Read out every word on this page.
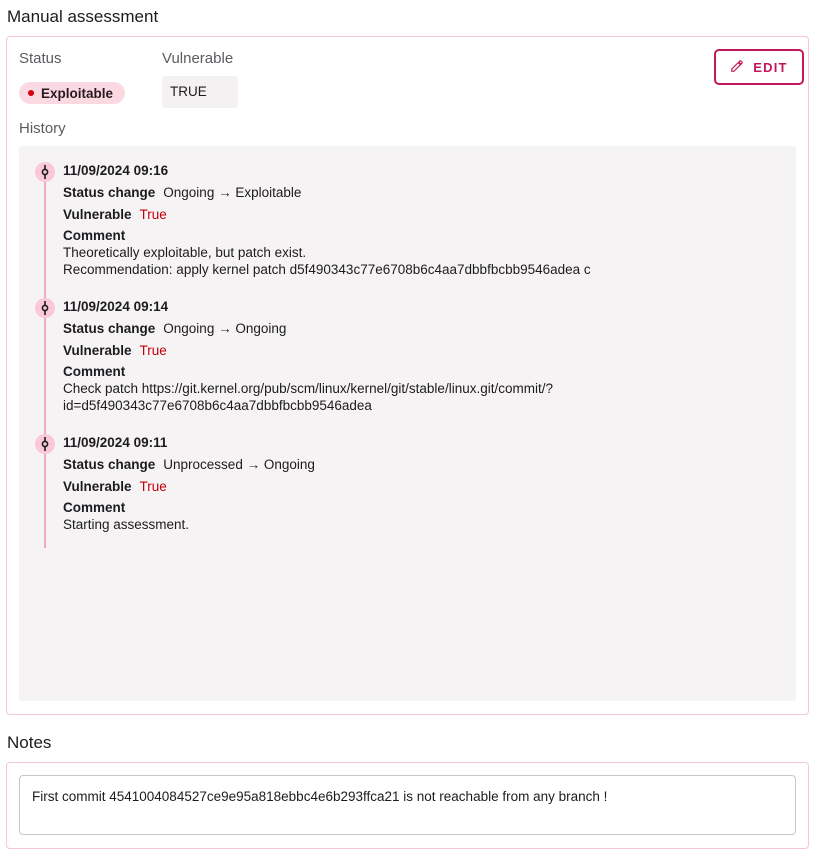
Manual assessment
Status	Vulnerable
Exploitable	TRUE
EDIT
History
11/09/2024 09:16
Status change Ongoing → Exploitable
Vulnerable True
Comment
Theoretically exploitable, but patch exist.
Recommendation: apply kernel patch d5f490343c77e6708b6c4aa7dbbfbcbb9546adea c
11/09/2024 09:14
Status change Ongoing → Ongoing
Vulnerable True
Comment
Check patch https://git.kernel.org/pub/scm/linux/kernel/git/stable/linux.git/commit/?
id=d5f490343c77e6708b6c4aa7dbbfbcbb9546adea
11/09/2024 09:11
Status change Unprocessed → Ongoing
Vulnerable True
Comment
Starting assessment.
Notes
First commit 4541004084527ce9e95a818ebbc4e6b293ffca21 is not reachable from any branch !
